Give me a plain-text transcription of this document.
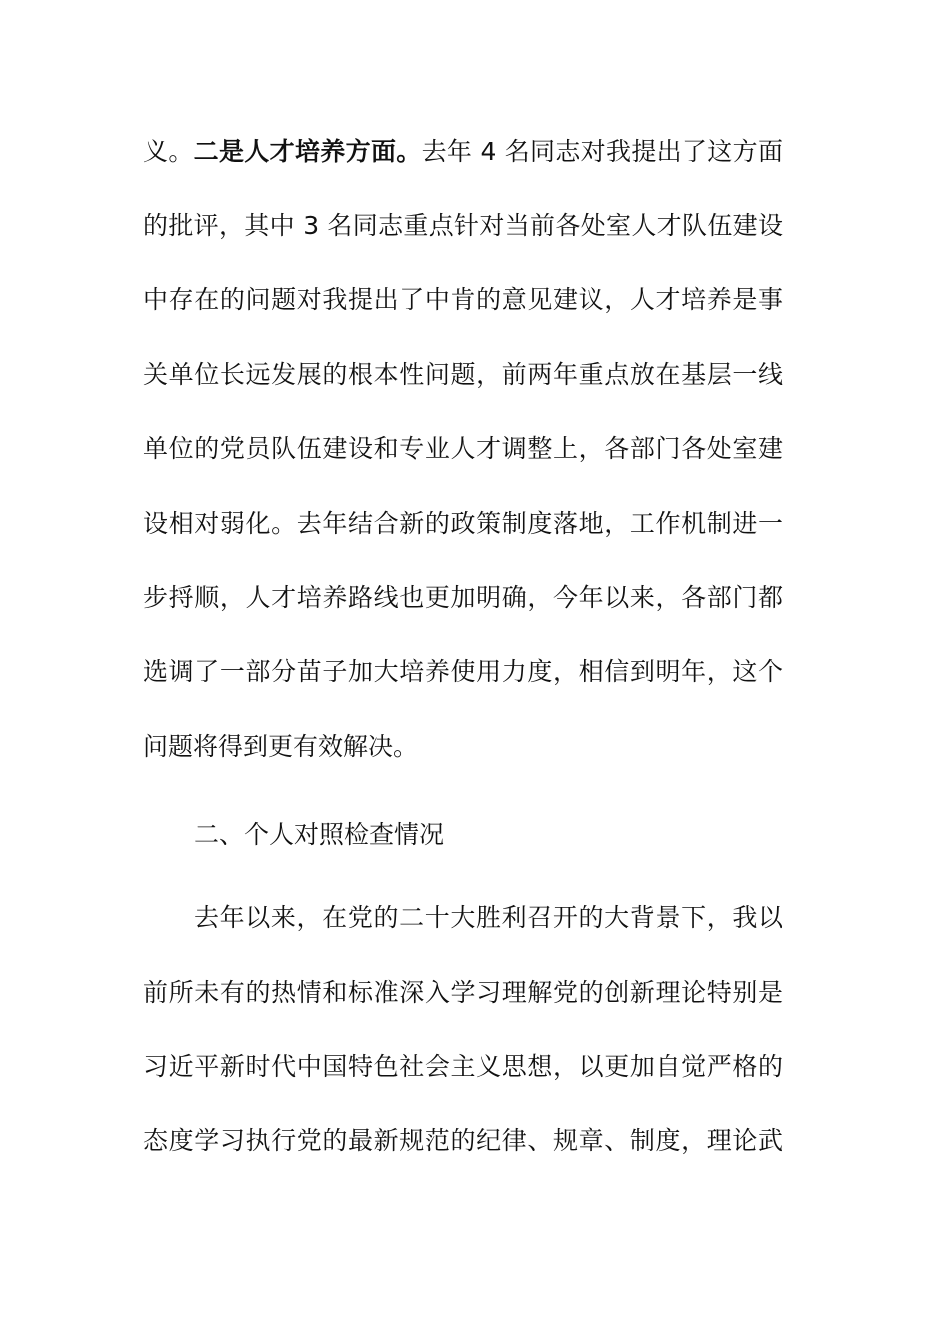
义。二是人才培养方面。去年 4 名同志对我提出了这方面
的批评，其中 3 名同志重点针对当前各处室人才队伍建设
中存在的问题对我提出了中肯的意见建议，人才培养是事
关单位长远发展的根本性问题，前两年重点放在基层一线
单位的党员队伍建设和专业人才调整上，各部门各处室建
设相对弱化。去年结合新的政策制度落地，工作机制进一
步捋顺，人才培养路线也更加明确，今年以来，各部门都
选调了一部分苗子加大培养使用力度，相信到明年，这个
问题将得到更有效解决。
二、个人对照检查情况
去年以来，在党的二十大胜利召开的大背景下，我以
前所未有的热情和标准深入学习理解党的创新理论特别是
习近平新时代中国特色社会主义思想，以更加自觉严格的
态度学习执行党的最新规范的纪律、规章、制度，理论武
